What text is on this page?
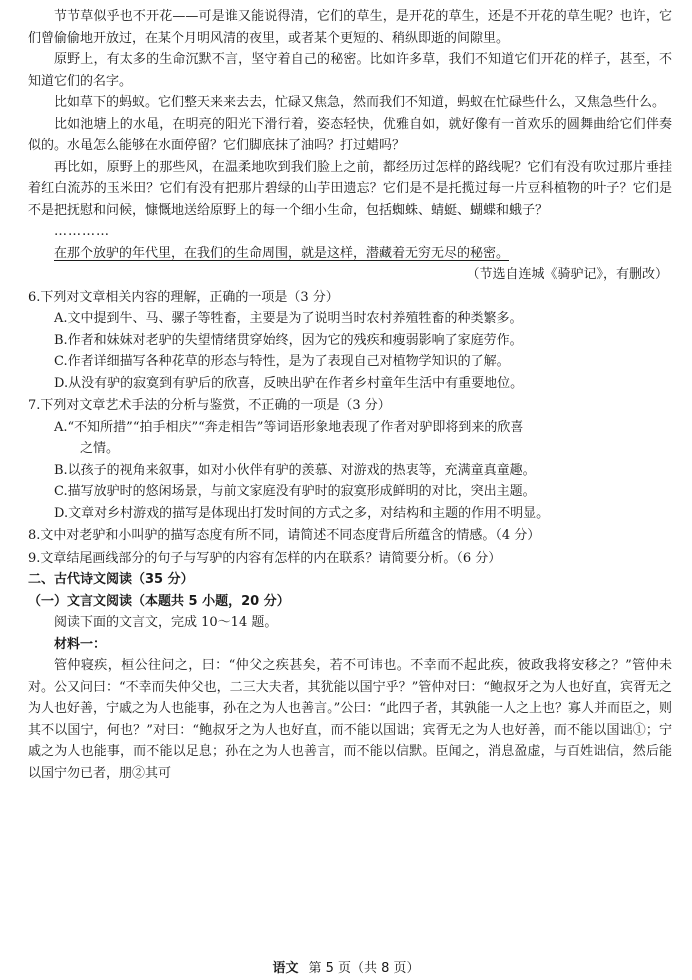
节节草似乎也不开花——可是谁又能说得清，它们的草生，是开花的草生，还是不开花的草生呢？也许，它们曾偷偷地开放过，在某个月明风清的夜里，或者某个更短的、稍纵即逝的间隙里。

原野上，有太多的生命沉默不言，坚守着自己的秘密。比如许多草，我们不知道它们开花的样子，甚至，不知道它们的名字。

比如草下的蚂蚁。它们整天来来去去，忙碌又焦急，然而我们不知道，蚂蚁在忙碌些什么，又焦急些什么。

比如池塘上的水黾，在明亮的阳光下滑行着，姿态轻快，优雅自如，就好像有一首欢乐的圆舞曲给它们伴奏似的。水黾怎么能够在水面停留？它们脚底抹了油吗？打过蜡吗？

再比如，原野上的那些风，在温柔地吹到我们脸上之前，都经历过怎样的路线呢？它们有没有吹过那片垂挂着红白流苏的玉米田？它们有没有把那片碧绿的山芋田遗忘？它们是不是托揽过每一片豆科植物的叶子？它们是不是把抚慰和问候，慷慨地送给原野上的每一个细小生命，包括蜘蛛、蜻蜓、蝴蝶和蛾子？

…………

在那个放驴的年代里，在我们的生命周围，就是这样，潜藏着无穷无尽的秘密。

（节选自连城《骑驴记》，有删改）

6.下列对文章相关内容的理解，正确的一项是（3 分）

A.文中提到牛、马、骡子等牲畜，主要是为了说明当时农村养殖牲畜的种类繁多。

B.作者和妹妹对老驴的失望情绪贯穿始终，因为它的残疾和瘦弱影响了家庭劳作。

C.作者详细描写各种花草的形态与特性，是为了表现自己对植物学知识的了解。

D.从没有驴的寂寞到有驴后的欣喜，反映出驴在作者乡村童年生活中有重要地位。

7.下列对文章艺术手法的分析与鉴赏，不正确的一项是（3 分）

A.“不知所措”“拍手相庆”“奔走相告”等词语形象地表现了作者对驴即将到来的欣喜

之情。

B.以孩子的视角来叙事，如对小伙伴有驴的羡慕、对游戏的热衷等，充满童真童趣。

C.描写放驴时的悠闲场景，与前文家庭没有驴时的寂寞形成鲜明的对比，突出主题。

D.文章对乡村游戏的描写是体现出打发时间的方式之多，对结构和主题的作用不明显。

8.文中对老驴和小叫驴的描写态度有所不同，请简述不同态度背后所蕴含的情感。（4 分）

9.文章结尾画线部分的句子与写驴的内容有怎样的内在联系？请简要分析。（6 分）

二、古代诗文阅读（35 分）

（一）文言文阅读（本题共 5 小题，20 分）

阅读下面的文言文，完成 10～14 题。

材料一：

管仲寝疾，桓公往问之，曰：“仲父之疾甚矣，若不可讳也。不幸而不起此疾，彼政我将安移之？”管仲未对。公又问曰：“不幸而失仲父也，二三大夫者，其犹能以国宁乎？”管仲对曰：“鲍叔牙之为人也好直，宾胥无之为人也好善，宁戚之为人也能事，孙在之为人也善言。”公曰：“此四子者，其孰能一人之上也？寡人并而臣之，则其不以国宁，何也？”对曰：“鲍叔牙之为人也好直，而不能以国诎；宾胥无之为人也好善，而不能以国诎①；宁戚之为人也能事，而不能以足息；孙在之为人也善言，而不能以信默。臣闻之，消息盈虚，与百姓诎信，然后能以国宁勿已者，朋②其可

语文 第 5 页（共 8 页）
